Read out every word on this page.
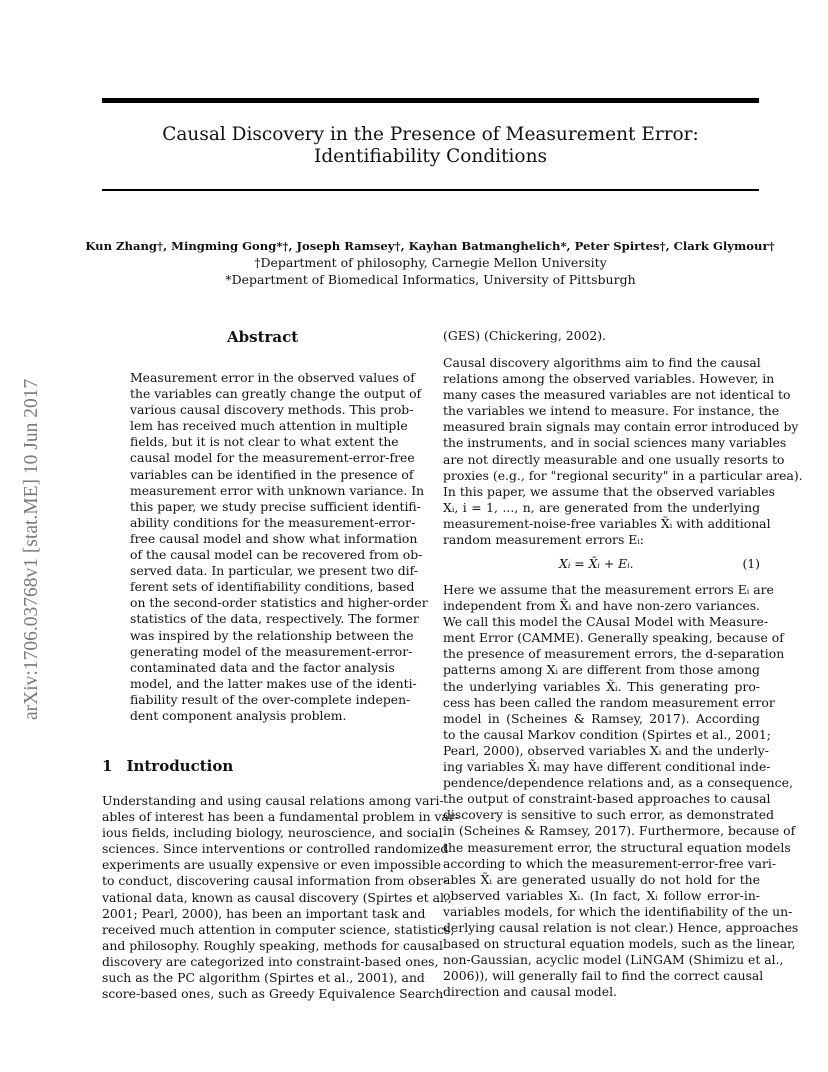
Causal Discovery in the Presence of Measurement Error:
Identifiability Conditions
Kun Zhang†, Mingming Gong*†, Joseph Ramsey†, Kayhan Batmanghelich*, Peter Spirtes†, Clark Glymour†
†Department of philosophy, Carnegie Mellon University
*Department of Biomedical Informatics, University of Pittsburgh
arXiv:1706.03768v1 [stat.ME] 10 Jun 2017
Abstract
Measurement error in the observed values of
the variables can greatly change the output of
various causal discovery methods. This prob-
lem has received much attention in multiple
fields, but it is not clear to what extent the
causal model for the measurement-error-free
variables can be identified in the presence of
measurement error with unknown variance. In
this paper, we study precise sufficient identifi-
ability conditions for the measurement-error-
free causal model and show what information
of the causal model can be recovered from ob-
served data. In particular, we present two dif-
ferent sets of identifiability conditions, based
on the second-order statistics and higher-order
statistics of the data, respectively. The former
was inspired by the relationship between the
generating model of the measurement-error-
contaminated data and the factor analysis
model, and the latter makes use of the identi-
fiability result of the over-complete indepen-
dent component analysis problem.
1 Introduction
Understanding and using causal relations among vari-
ables of interest has been a fundamental problem in var-
ious fields, including biology, neuroscience, and social
sciences. Since interventions or controlled randomized
experiments are usually expensive or even impossible
to conduct, discovering causal information from obser-
vational data, known as causal discovery (Spirtes et al.,
2001; Pearl, 2000), has been an important task and
received much attention in computer science, statistics,
and philosophy. Roughly speaking, methods for causal
discovery are categorized into constraint-based ones,
such as the PC algorithm (Spirtes et al., 2001), and
score-based ones, such as Greedy Equivalence Search
(GES) (Chickering, 2002).
Causal discovery algorithms aim to find the causal
relations among the observed variables. However, in
many cases the measured variables are not identical to
the variables we intend to measure. For instance, the
measured brain signals may contain error introduced by
the instruments, and in social sciences many variables
are not directly measurable and one usually resorts to
proxies (e.g., for "regional security" in a particular area).
In this paper, we assume that the observed variables
Xᵢ, i = 1, ..., n, are generated from the underlying
measurement-noise-free variables X̃ᵢ with additional
random measurement errors Eᵢ:
Xᵢ = X̃ᵢ + Eᵢ.	(1)
Here we assume that the measurement errors Eᵢ are
independent from X̃ᵢ and have non-zero variances.
We call this model the CAusal Model with Measure-
ment Error (CAMME). Generally speaking, because of
the presence of measurement errors, the d-separation
patterns among Xᵢ are different from those among
the underlying variables X̃ᵢ. This generating pro-
cess has been called the random measurement error
model in (Scheines & Ramsey, 2017). According
to the causal Markov condition (Spirtes et al., 2001;
Pearl, 2000), observed variables Xᵢ and the underly-
ing variables X̃ᵢ may have different conditional inde-
pendence/dependence relations and, as a consequence,
the output of constraint-based approaches to causal
discovery is sensitive to such error, as demonstrated
in (Scheines & Ramsey, 2017). Furthermore, because of
the measurement error, the structural equation models
according to which the measurement-error-free vari-
ables X̃ᵢ are generated usually do not hold for the
observed variables Xᵢ. (In fact, Xᵢ follow error-in-
variables models, for which the identifiability of the un-
derlying causal relation is not clear.) Hence, approaches
based on structural equation models, such as the linear,
non-Gaussian, acyclic model (LiNGAM (Shimizu et al.,
2006)), will generally fail to find the correct causal
direction and causal model.
